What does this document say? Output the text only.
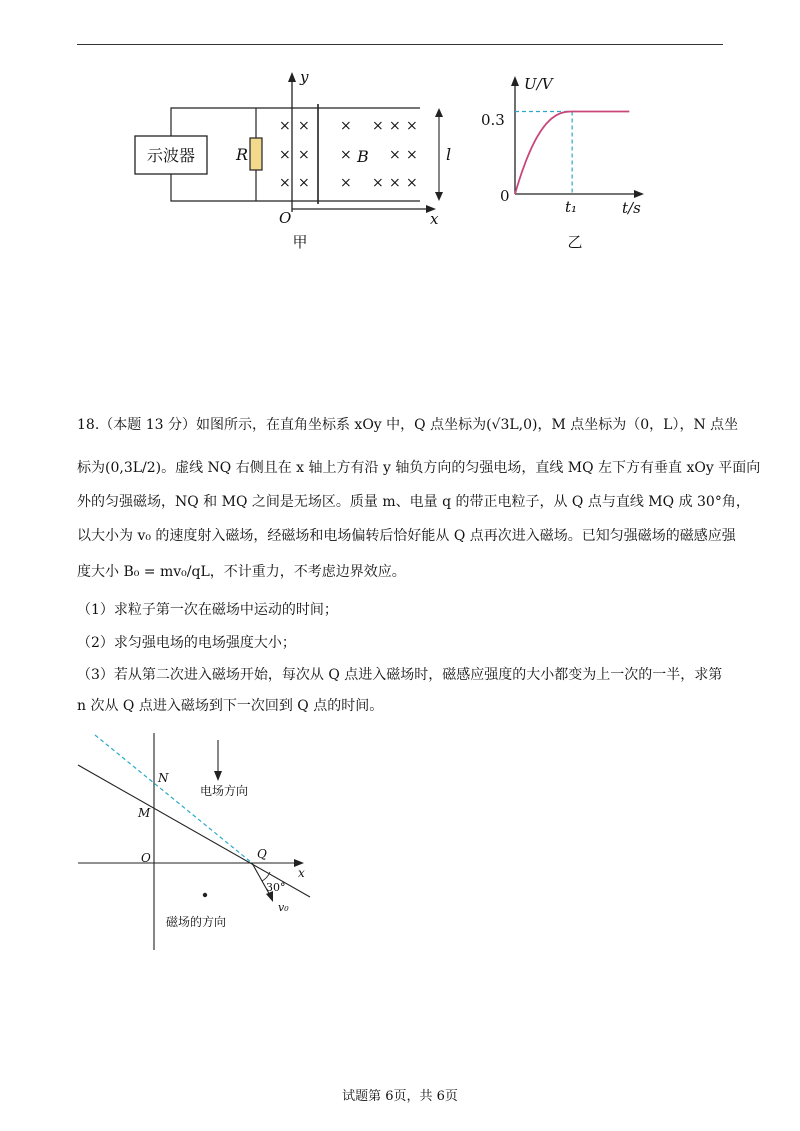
示波器	R
y
x
O
× × × × × ×
× × ×	× ×
× × × × × ×
B	l
甲
U/V
t/s
0
0.3
t₁
乙
18.（本题 13 分）如图所示，在直角坐标系 xOy 中，Q 点坐标为(√3L,0)，M 点坐标为（0，L），N 点坐
标为(0,3L/2)。虚线 NQ 右侧且在 x 轴上方有沿 y 轴负方向的匀强电场，直线 MQ 左下方有垂直 xOy 平面向
外的匀强磁场，NQ 和 MQ 之间是无场区。质量 m、电量 q 的带正电粒子，从 Q 点与直线 MQ 成 30°角，
以大小为 v₀ 的速度射入磁场，经磁场和电场偏转后恰好能从 Q 点再次进入磁场。已知匀强磁场的磁感应强
度大小 B₀ = mv₀/qL，不计重力，不考虑边界效应。
（1）求粒子第一次在磁场中运动的时间；
（2）求匀强电场的电场强度大小；
（3）若从第二次进入磁场开始，每次从 Q 点进入磁场时，磁感应强度的大小都变为上一次的一半，求第
n 次从 Q 点进入磁场到下一次回到 Q 点的时间。
x
N
M
O	Q
电场方向
30°
v₀
磁场的方向
试题第 6页，共 6页
